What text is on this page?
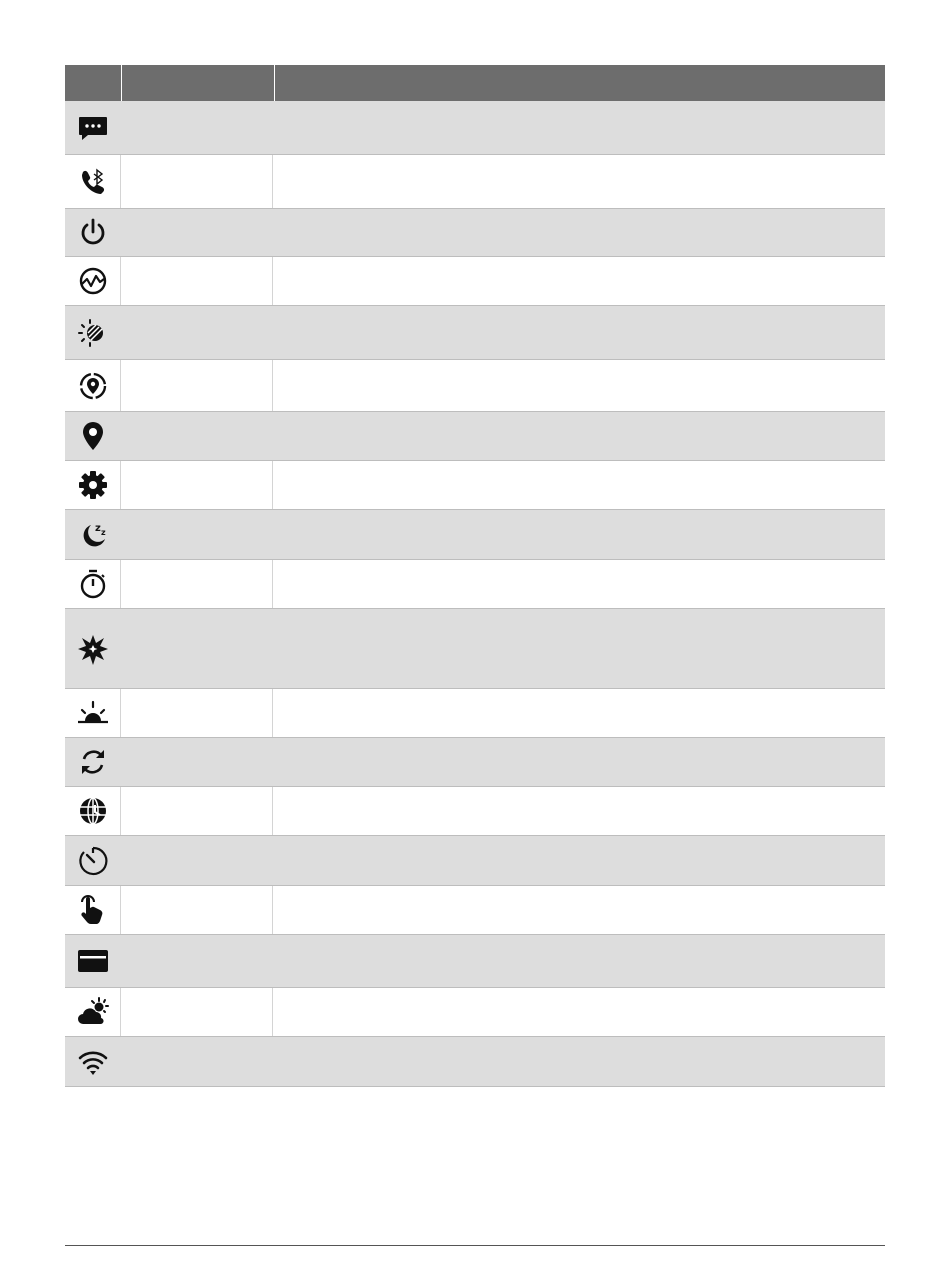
z z
